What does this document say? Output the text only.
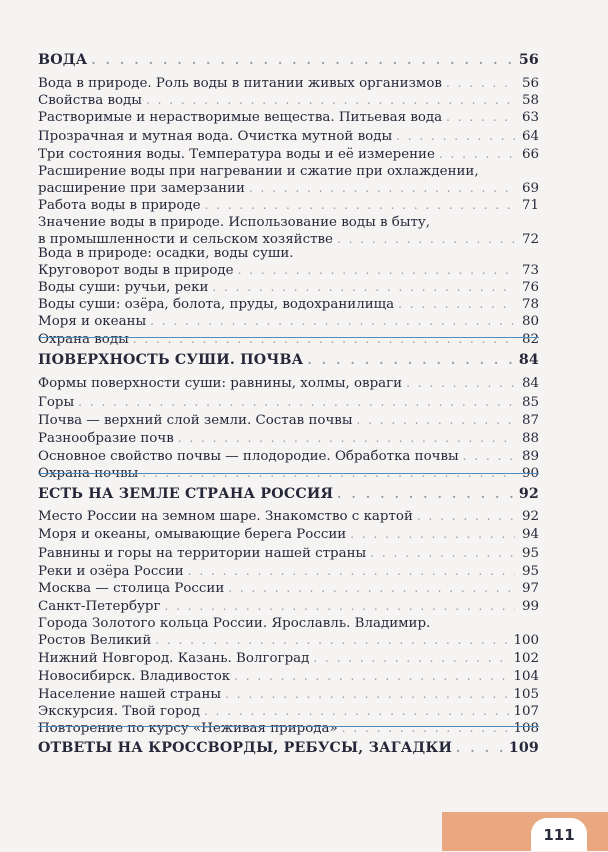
ВОДА . . .	56
Вода в природе. Роль воды в питании живых организмов . . .	56
Свойства воды . . .	58
Растворимые и нерастворимые вещества. Питьевая вода . . .	63
Прозрачная и мутная вода. Очистка мутной воды . . .	64
Три состояния воды. Температура воды и её измерение . . .	66
Расширение воды при нагревании и сжатие при охлаждении,
расширение при замерзании . . .	69
Работа воды в природе . . .	71
Значение воды в природе. Использование воды в быту,
в промышленности и сельском хозяйстве . . .	72
Вода в природе: осадки, воды суши.
Круговорот воды в природе . . .	73
Воды суши: ручьи, реки . . .	76
Воды суши: озёра, болота, пруды, водохранилища . . .	78
Моря и океаны . . .	80
Охрана воды . . .	82
ПОВЕРХНОСТЬ СУШИ. ПОЧВА . . .	84
Формы поверхности суши: равнины, холмы, овраги . . .	84
Горы . . .	85
Почва — верхний слой земли. Состав почвы . . .	87
Разнообразие почв . . .	88
Основное свойство почвы — плодородие. Обработка почвы . . .	89
Охрана почвы . . .	90
ЕСТЬ НА ЗЕМЛЕ СТРАНА РОССИЯ . . .	92
Место России на земном шаре. Знакомство с картой . . .	92
Моря и океаны, омывающие берега России . . .	94
Равнины и горы на территории нашей страны . . .	95
Реки и озёра России . . .	95
Москва — столица России . . .	97
Санкт-Петербург . . .	99
Города Золотого кольца России. Ярославль. Владимир.
Ростов Великий . . .	100
Нижний Новгород. Казань. Волгоград . . .	102
Новосибирск. Владивосток . . .	104
Население нашей страны . . .	105
Экскурсия. Твой город . . .	107
Повторение по курсу «Неживая природа» . . .	108
ОТВЕТЫ НА КРОССВОРДЫ, РЕБУСЫ, ЗАГАДКИ . . .	109
111
